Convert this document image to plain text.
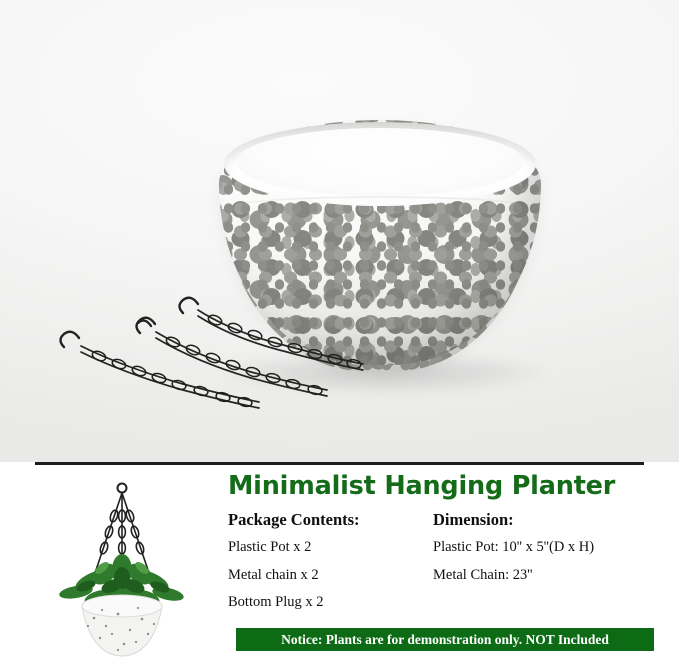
Minimalist Hanging Planter
Package Contents:
Plastic Pot x 2
Metal chain x 2
Bottom Plug x 2
Dimension:
Plastic Pot: 10'' x 5''(D x H)
Metal Chain: 23''
Notice: Plants are for demonstration only. NOT Included
